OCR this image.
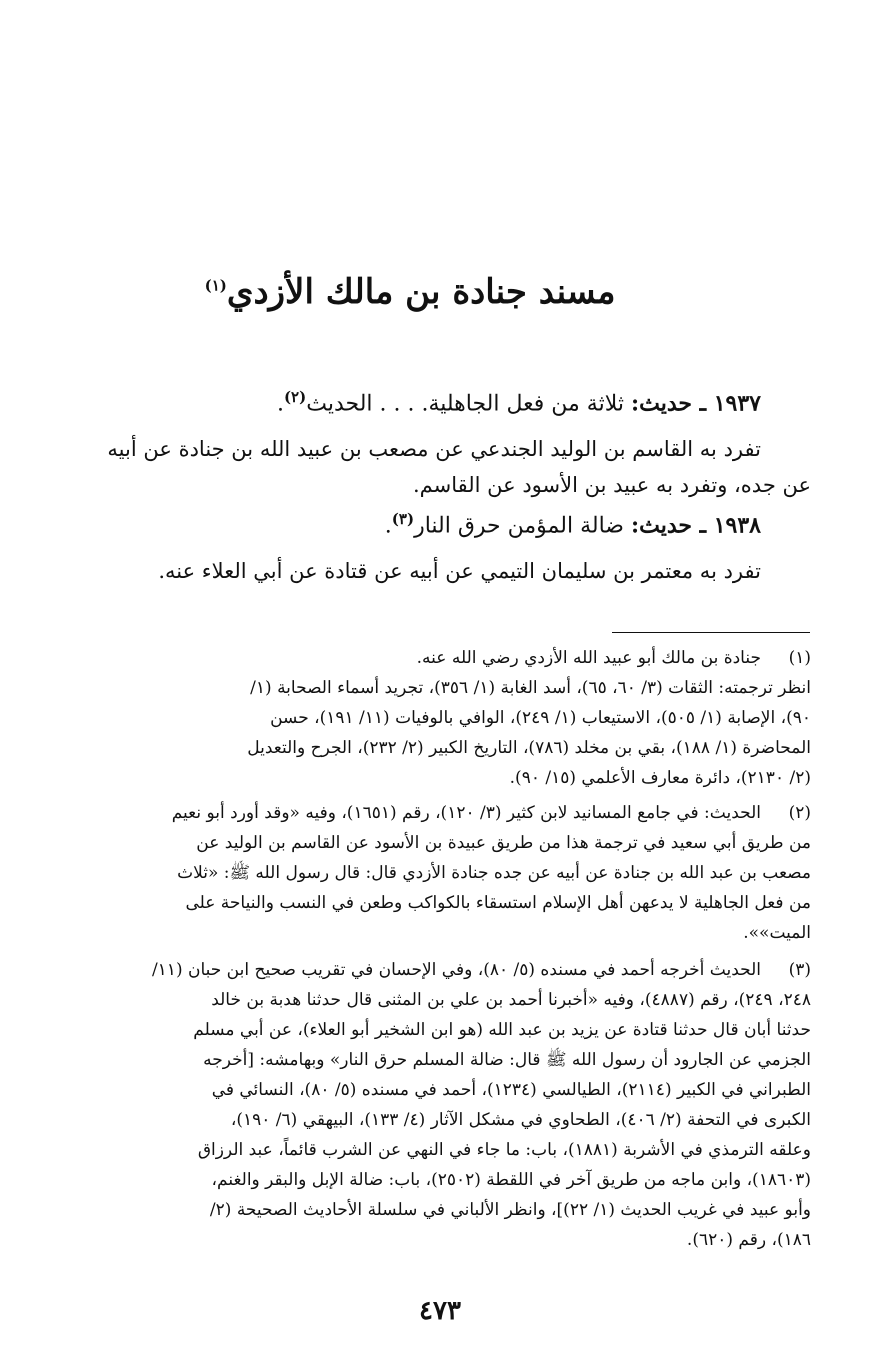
مسند جنادة بن مالك الأزدي$^{(١)}$
١٩٣٧ ـ حديث: ثلاثة من فعل الجاهلية. . . . الحديث$^{(٢)}$.
تفرد به القاسم بن الوليد الجندعي عن مصعب بن عبيد الله بن جنادة عن أبيه
عن جده، وتفرد به عبيد بن الأسود عن القاسم.
١٩٣٨ ـ حديث: ضالة المؤمن حرق النار$^{(٣)}$.
تفرد به معتمر بن سليمان التيمي عن أبيه عن قتادة عن أبي العلاء عنه.
(١)
جنادة بن مالك أبو عبيد الله الأزدي رضي الله عنه.
انظر ترجمته: الثقات (٣/ ٦٠، ٦٥)، أسد الغابة (١/ ٣٥٦)، تجريد أسماء الصحابة (١/
٩٠)، الإصابة (١/ ٥٠٥)، الاستيعاب (١/ ٢٤٩)، الوافي بالوفيات (١١/ ١٩١)، حسن
المحاضرة (١/ ١٨٨)، بقي بن مخلد (٧٨٦)، التاريخ الكبير (٢/ ٢٣٢)، الجرح والتعديل
(٢/ ٢١٣٠)، دائرة معارف الأعلمي (١٥/ ٩٠).
(٢)
الحديث: في جامع المسانيد لابن كثير (٣/ ١٢٠)، رقم (١٦٥١)، وفيه «وقد أورد أبو نعيم
من طريق أبي سعيد في ترجمة هذا من طريق عبيدة بن الأسود عن القاسم بن الوليد عن
مصعب بن عبد الله بن جنادة عن أبيه عن جده جنادة الأزدي قال: قال رسول الله ﷺ: «ثلاث
من فعل الجاهلية لا يدعهن أهل الإسلام استسقاء بالكواكب وطعن في النسب والنياحة على
الميت»».
(٣)
الحديث أخرجه أحمد في مسنده (٥/ ٨٠)، وفي الإحسان في تقريب صحيح ابن حبان (١١/
٢٤٨، ٢٤٩)، رقم (٤٨٨٧)، وفيه «أخبرنا أحمد بن علي بن المثنى قال حدثنا هدبة بن خالد
حدثنا أبان قال حدثنا قتادة عن يزيد بن عبد الله (هو ابن الشخير أبو العلاء)، عن أبي مسلم
الجزمي عن الجارود أن رسول الله ﷺ قال: ضالة المسلم حرق النار» وبهامشه: [أخرجه
الطبراني في الكبير (٢١١٤)، الطيالسي (١٢٣٤)، أحمد في مسنده (٥/ ٨٠)، النسائي في
الكبرى في التحفة (٢/ ٤٠٦)، الطحاوي في مشكل الآثار (٤/ ١٣٣)، البيهقي (٦/ ١٩٠)،
وعلقه الترمذي في الأشربة (١٨٨١)، باب: ما جاء في النهي عن الشرب قائماً، عبد الرزاق
(١٨٦٠٣)، وابن ماجه من طريق آخر في اللقطة (٢٥٠٢)، باب: ضالة الإبل والبقر والغنم،
وأبو عبيد في غريب الحديث (١/ ٢٢)]، وانظر الألباني في سلسلة الأحاديث الصحيحة (٢/
١٨٦)، رقم (٦٢٠).
٤٧٣
